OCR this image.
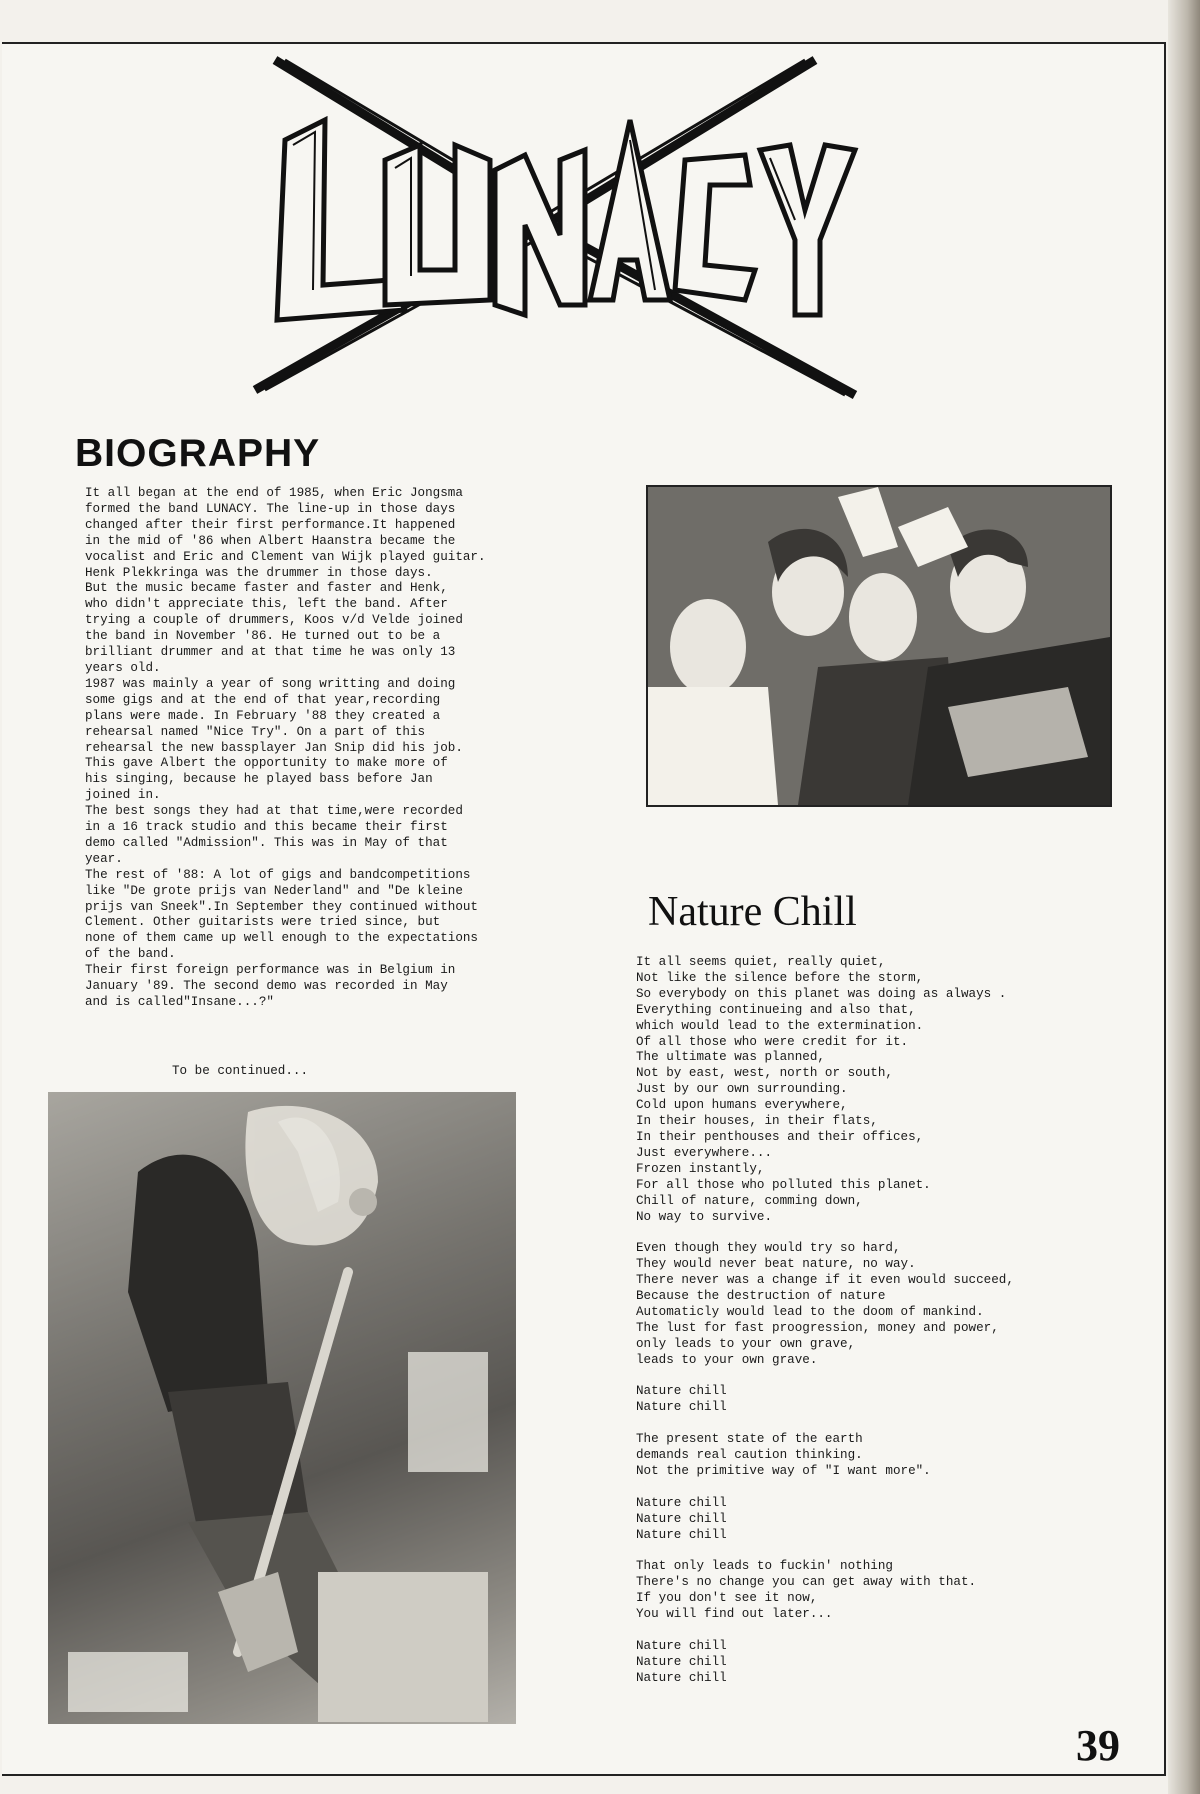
BIOGRAPHY
It all began at the end of 1985, when Eric Jongsma
formed the band LUNACY. The line-up in those days
changed after their first performance.It happened
in the mid of '86 when Albert Haanstra became the
vocalist and Eric and Clement van Wijk played guitar.
Henk Plekkringa was the drummer in those days.
But the music became faster and faster and Henk,
who didn't appreciate this, left the band. After
trying a couple of drummers, Koos v/d Velde joined
the band in November '86. He turned out to be a
brilliant drummer and at that time he was only 13
years old.
1987 was mainly a year of song writting and doing
some gigs and at the end of that year,recording
plans were made. In February '88 they created a
rehearsal named "Nice Try". On a part of this
rehearsal the new bassplayer Jan Snip did his job.
This gave Albert the opportunity to make more of
his singing, because he played bass before Jan
joined in.
The best songs they had at that time,were recorded
in a 16 track studio and this became their first
demo called "Admission". This was in May of that
year.
The rest of '88: A lot of gigs and bandcompetitions
like "De grote prijs van Nederland" and "De kleine
prijs van Sneek".In September they continued without
Clement. Other guitarists were tried since, but
none of them came up well enough to the expectations
of the band.
Their first foreign performance was in Belgium in
January '89. The second demo was recorded in May
and is called"Insane...?"
To be continued...
Nature Chill
It all seems quiet, really quiet,
Not like the silence before the storm,
So everybody on this planet was doing as always .
Everything continueing and also that,
which would lead to the extermination.
Of all those who were credit for it.
The ultimate was planned,
Not by east, west, north or south,
Just by our own surrounding.
Cold upon humans everywhere,
In their houses, in their flats,
In their penthouses and their offices,
Just everywhere...
Frozen instantly,
For all those who polluted this planet.
Chill of nature, comming down,
No way to survive.

Even though they would try so hard,
They would never beat nature, no way.
There never was a change if it even would succeed,
Because the destruction of nature
Automaticly would lead to the doom of mankind.
The lust for fast proogression, money and power,
only leads to your own grave,
leads to your own grave.

Nature chill
Nature chill

The present state of the earth
demands real caution thinking.
Not the primitive way of "I want more".

Nature chill
Nature chill
Nature chill

That only leads to fuckin' nothing
There's no change you can get away with that.
If you don't see it now,
You will find out later...

Nature chill
Nature chill
Nature chill
39
